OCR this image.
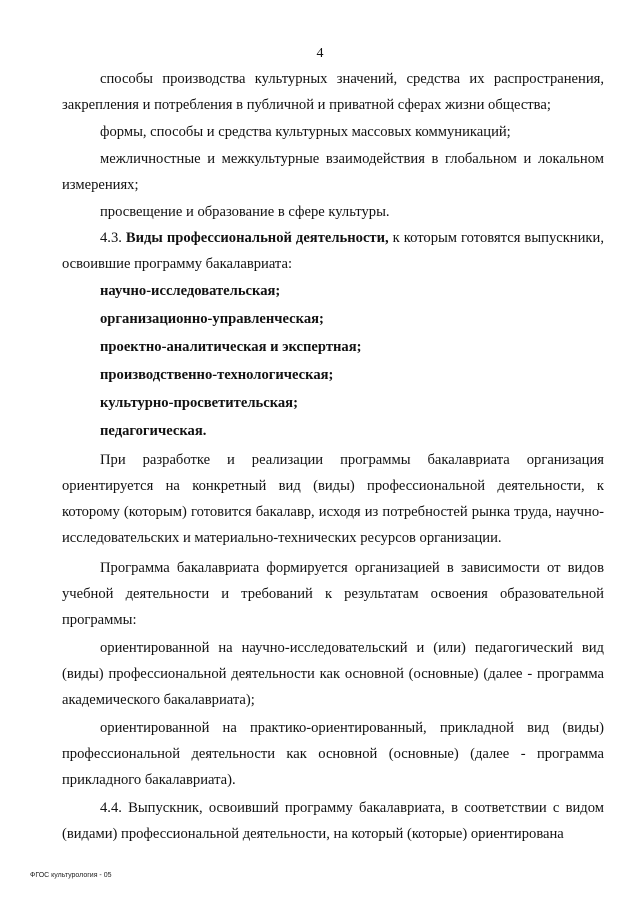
4

способы производства культурных значений, средства их распространения, закрепления и потребления в публичной и приватной сферах жизни общества;

формы, способы и средства культурных массовых коммуникаций;

межличностные и межкультурные взаимодействия в глобальном и локальном измерениях;

просвещение и образование в сфере культуры.

4.3. Виды профессиональной деятельности, к которым готовятся выпускники, освоившие программу бакалавриата:

научно-исследовательская;
организационно-управленческая;
проектно-аналитическая и экспертная;
производственно-технологическая;
культурно-просветительская;
педагогическая.

При разработке и реализации программы бакалавриата организация ориентируется на конкретный вид (виды) профессиональной деятельности, к которому (которым) готовится бакалавр, исходя из потребностей рынка труда, научно-исследовательских и материально-технических ресурсов организации.

Программа бакалавриата формируется организацией в зависимости от видов учебной деятельности и требований к результатам освоения образовательной программы:

ориентированной на научно-исследовательский и (или) педагогический вид (виды) профессиональной деятельности как основной (основные) (далее - программа академического бакалавриата);

ориентированной на практико-ориентированный, прикладной вид (виды) профессиональной деятельности как основной (основные) (далее - программа прикладного бакалавриата).

4.4. Выпускник, освоивший программу бакалавриата, в соответствии с видом (видами) профессиональной деятельности, на который (которые) ориентирована

ФГОС культурология - 05
